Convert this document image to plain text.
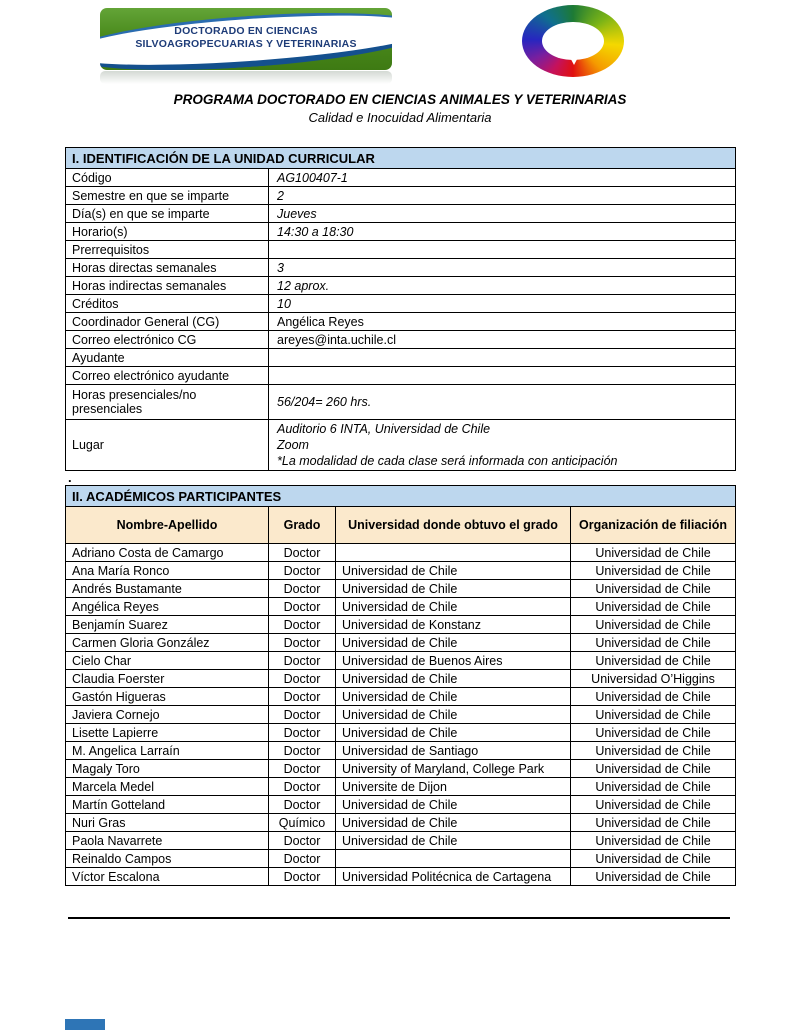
DOCTORADO EN CIENCIAS
SILVOAGROPECUARIAS Y VETERINARIAS
PROGRAMA DOCTORADO EN CIENCIAS ANIMALES Y VETERINARIAS
Calidad e Inocuidad Alimentaria
I. IDENTIFICACIÓN DE LA UNIDAD CURRICULAR	
Código	AG100407-1
Semestre en que se imparte	2
Día(s) en que se imparte	Jueves
Horario(s)	14:30 a 18:30
Prerrequisitos	
Horas directas semanales	3
Horas indirectas semanales	12 aprox.
Créditos	10
Coordinador General (CG)	Angélica Reyes
Correo electrónico CG	areyes@inta.uchile.cl
Ayudante	
Correo electrónico ayudante	
Horas presenciales/no presenciales	56/204= 260 hrs.
Lugar	Auditorio 6 INTA, Universidad de Chile
Zoom
*La modalidad de cada clase será informada con anticipación
.
II. ACADÉMICOS PARTICIPANTES			
Nombre-Apellido	Grado	Universidad donde obtuvo el grado	Organización de filiación
Adriano Costa de Camargo	Doctor		Universidad de Chile
Ana María Ronco	Doctor	Universidad de Chile	Universidad de Chile
Andrés Bustamante	Doctor	Universidad de Chile	Universidad de Chile
Angélica Reyes	Doctor	Universidad de Chile	Universidad de Chile
Benjamín Suarez	Doctor	Universidad de Konstanz	Universidad de Chile
Carmen Gloria González	Doctor	Universidad de Chile	Universidad de Chile
Cielo Char	Doctor	Universidad de Buenos Aires	Universidad de Chile
Claudia Foerster	Doctor	Universidad de Chile	Universidad O’Higgins
Gastón Higueras	Doctor	Universidad de Chile	Universidad de Chile
Javiera Cornejo	Doctor	Universidad de Chile	Universidad de Chile
Lisette Lapierre	Doctor	Universidad de Chile	Universidad de Chile
M. Angelica Larraín	Doctor	Universidad de Santiago	Universidad de Chile
Magaly Toro	Doctor	University of Maryland, College Park	Universidad de Chile
Marcela Medel	Doctor	Universite de Dijon	Universidad de Chile
Martín Gotteland	Doctor	Universidad de Chile	Universidad de Chile
Nuri Gras	Químico	Universidad de Chile	Universidad de Chile
Paola Navarrete	Doctor	Universidad de Chile	Universidad de Chile
Reinaldo Campos	Doctor		Universidad de Chile
Víctor Escalona	Doctor	Universidad Politécnica de Cartagena	Universidad de Chile
